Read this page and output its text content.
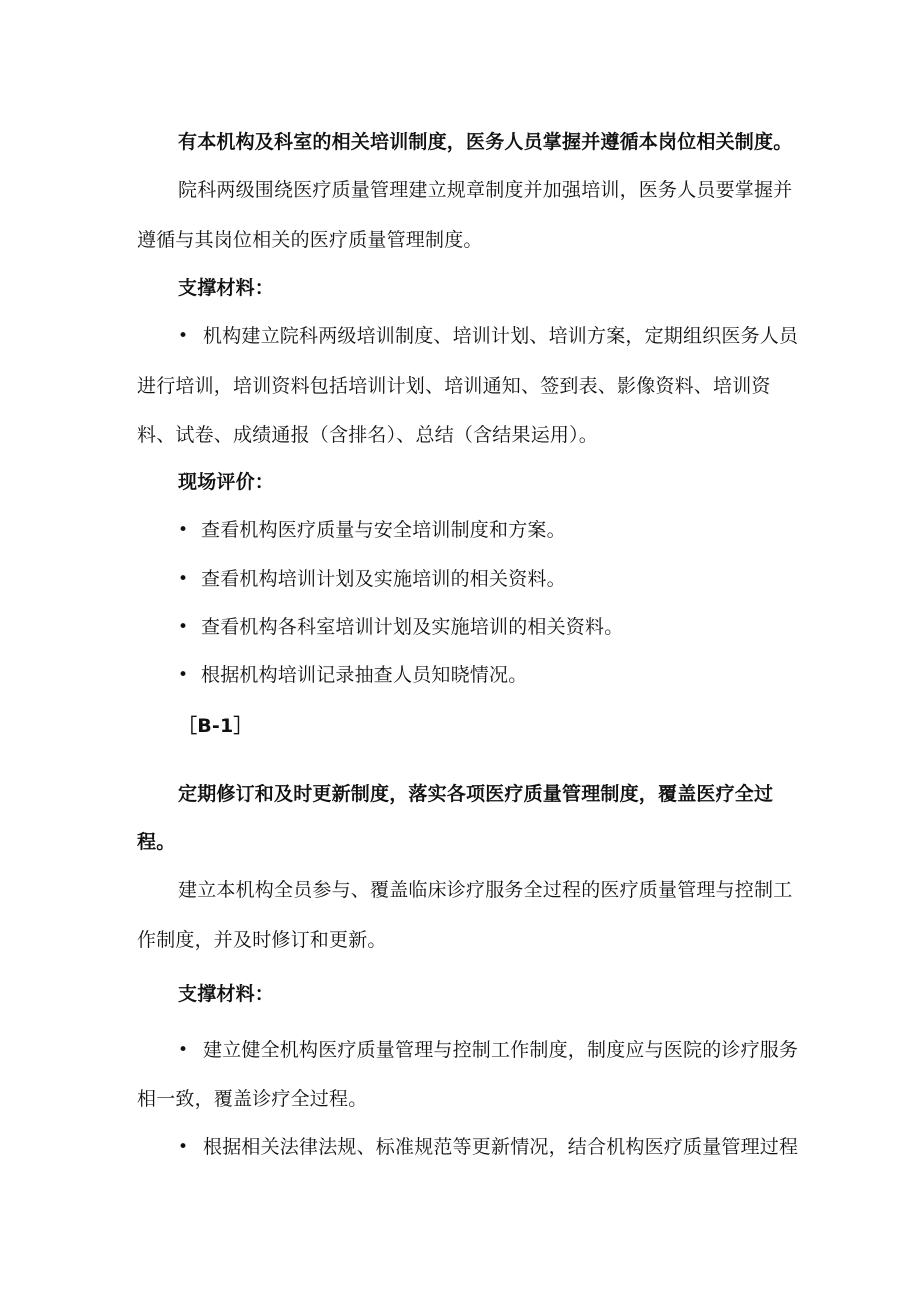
有本机构及科室的相关培训制度，医务人员掌握并遵循本岗位相关制度。
院科两级围绕医疗质量管理建立规章制度并加强培训，医务人员要掌握并
遵循与其岗位相关的医疗质量管理制度。
支撑材料：
• 机构建立院科两级培训制度、培训计划、培训方案，定期组织医务人员
进行培训，培训资料包括培训计划、培训通知、签到表、影像资料、培训资
料、试卷、成绩通报（含排名）、总结（含结果运用）。
现场评价：
• 查看机构医疗质量与安全培训制度和方案。
• 查看机构培训计划及实施培训的相关资料。
• 查看机构各科室培训计划及实施培训的相关资料。
• 根据机构培训记录抽查人员知晓情况。
［B-1］
定期修订和及时更新制度，落实各项医疗质量管理制度，覆盖医疗全过
程。
建立本机构全员参与、覆盖临床诊疗服务全过程的医疗质量管理与控制工
作制度，并及时修订和更新。
支撑材料：
• 建立健全机构医疗质量管理与控制工作制度，制度应与医院的诊疗服务
相一致，覆盖诊疗全过程。
• 根据相关法律法规、标准规范等更新情况，结合机构医疗质量管理过程
